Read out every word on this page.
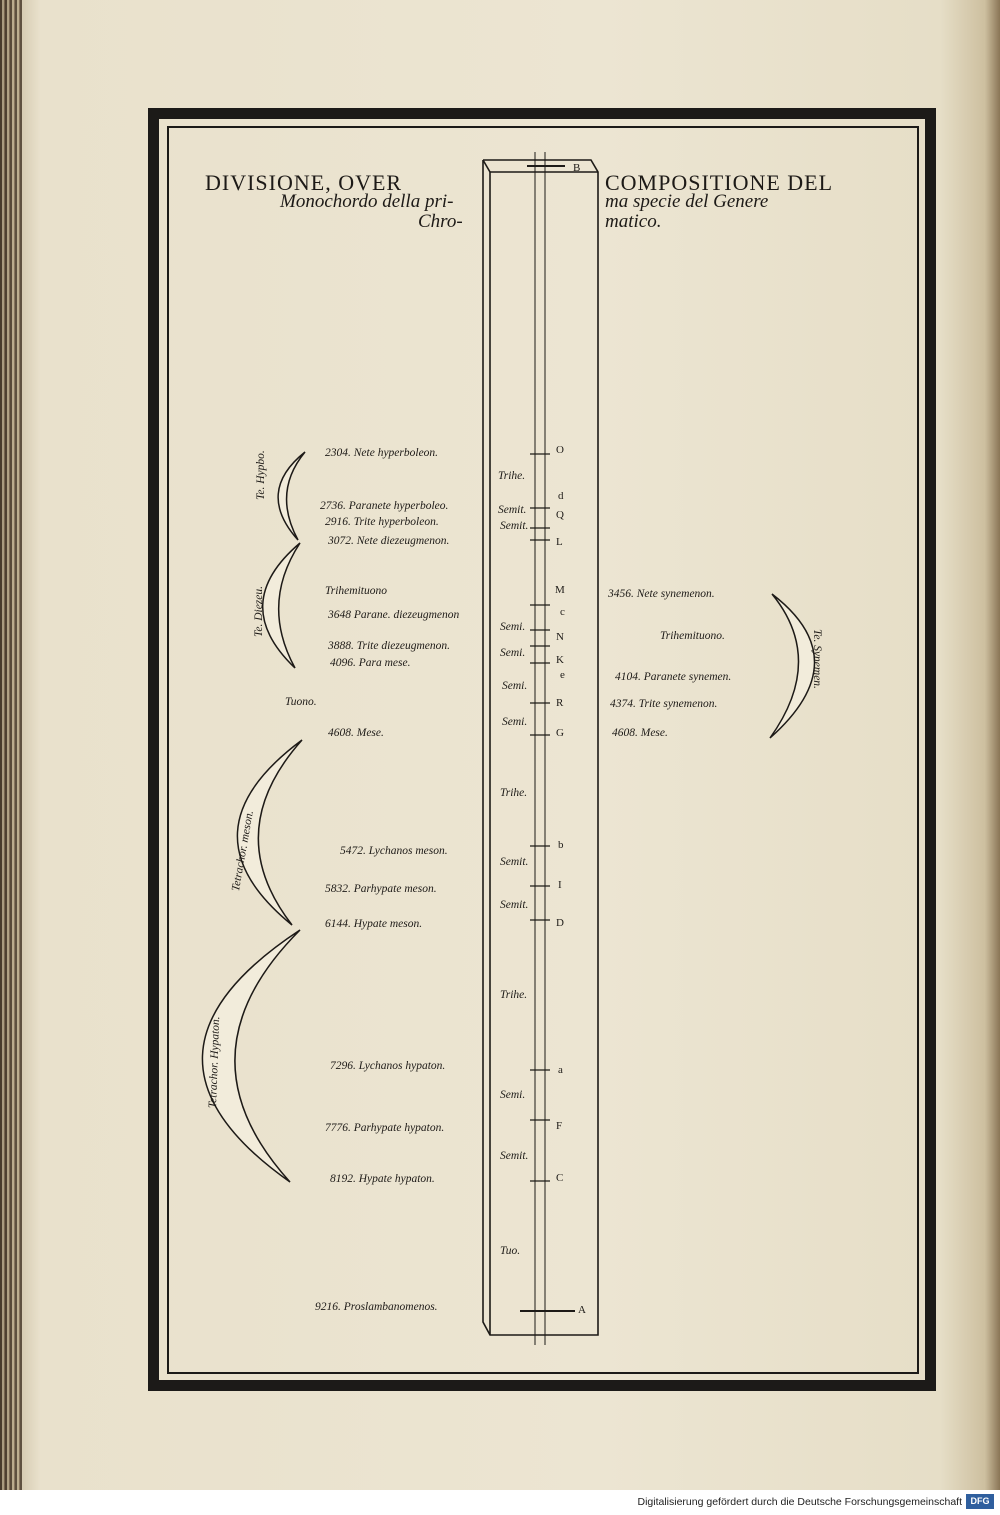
DIVISIONE, OVER
Monochordo della pri-
Chro-
COMPOSITIONE DEL
ma specie del Genere
matico.
2304. Nete hyperboleon.
2736. Paranete hyperboleo.
2916. Trite hyperboleon.
3072. Nete diezeugmenon.
Trihemituono
3648 Parane. diezeugmenon
3888. Trite diezeugmenon.
4096. Para mese.
Tuono.
4608. Mese.
5472. Lychanos meson.
5832. Parhypate meson.
6144. Hypate meson.
7296. Lychanos hypaton.
7776. Parhypate hypaton.
8192. Hypate hypaton.
9216. Proslambanomenos.
3456. Nete synemenon.
Trihemituono.
4104. Paranete synemen.
4374. Trite synemenon.
4608. Mese.
Te. Hypbo.
Te. Diezeu.
Te. Synemen.
Tetrachor. meson.
Tetrachor. Hypaton.
Trihe.
Semit.
Semit.
Semi.
Semi.
Semi.
Semi.
Trihe.
Semit.
Semit.
Trihe.
Semi.
Semit.
Tuo.
B
O
d
Q
L
M
c
N
K
e
R
G
b
I
D
a
F
C
A
Digitalisierung gefördert durch die Deutsche Forschungsgemeinschaft DFG
